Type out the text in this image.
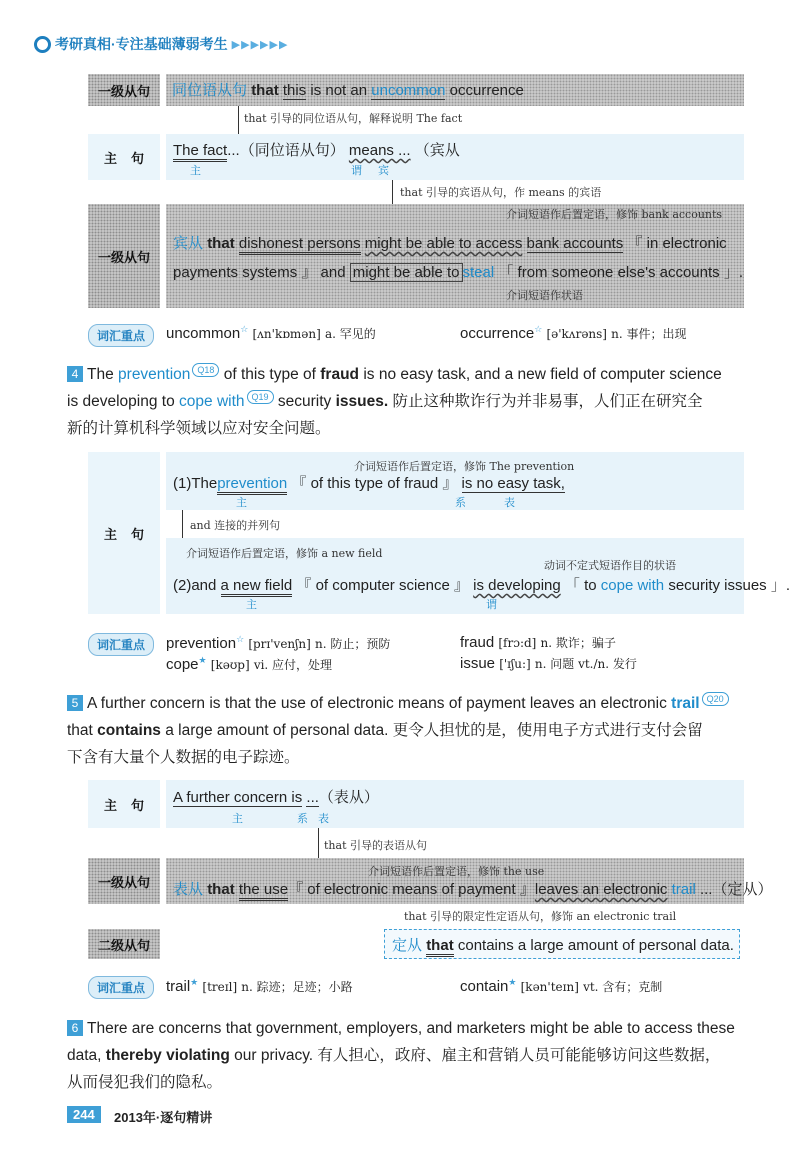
考研真相·专注基础薄弱考生 ▶▶▶▶▶▶
一级从句	同位语从句 that this is not an uncommon occurrence
that 引导的同位语从句，解释说明 The fact
主句 The fact...（同位语从句） means ... （宾从
主	谓 宾
that 引导的宾语从句，作 means 的宾语
一级从句
介词短语作后置定语，修饰 bank accounts
宾从 that dishonest persons might be able to access bank accounts 『 in electronic
payments systems 』 and might be able to steal 「 from someone else's accounts 」.
介词短语作状语
词汇重点	uncommon☆ [ʌn'kɒmən] a. 罕见的	occurrence☆ [ə'kʌrəns] n. 事件；出现
4 The prevention Q18 of this type of fraud is no easy task, and a new field of computer science
is developing to cope with Q19 security issues. 防止这种欺诈行为并非易事，人们正在研究全
新的计算机科学领域以应对安全问题。
主句
介词短语作后置定语，修饰 The prevention
(1)Theprevention 『 of this type of fraud 』 is no easy task,
主	系	表
and 连接的并列句
介词短语作后置定语，修饰 a new field
动词不定式短语作目的状语
(2)and a new field 『 of computer science 』 is developing 「 to cope with security issues 」.
主	谓
词汇重点	prevention☆ [prɪ'venʃn] n. 防止；预防	fraud [frɔ:d] n. 欺诈；骗子
cope★ [kəʊp] vi. 应付，处理	issue ['ɪʃu:] n. 问题 vt./n. 发行
5 A further concern is that the use of electronic means of payment leaves an electronic trail Q20
that contains a large amount of personal data. 更令人担忧的是，使用电子方式进行支付会留
下含有大量个人数据的电子踪迹。
主句 A further concern is ...（表从）
主	系 表
that 引导的表语从句
一级从句
介词短语作后置定语，修饰 the use
表从 that the use『 of electronic means of payment 』leaves an electronic trail ...（定从）
that 引导的限定性定语从句，修饰 an electronic trail
二级从句	定从 that contains a large amount of personal data.
词汇重点	trail★ [treɪl] n. 踪迹；足迹；小路	contain★ [kən'teɪn] vt. 含有；克制
6 There are concerns that government, employers, and marketers might be able to access these
data, thereby violating our privacy. 有人担心，政府、雇主和营销人员可能能够访问这些数据，
从而侵犯我们的隐私。
244	2013年·逐句精讲
